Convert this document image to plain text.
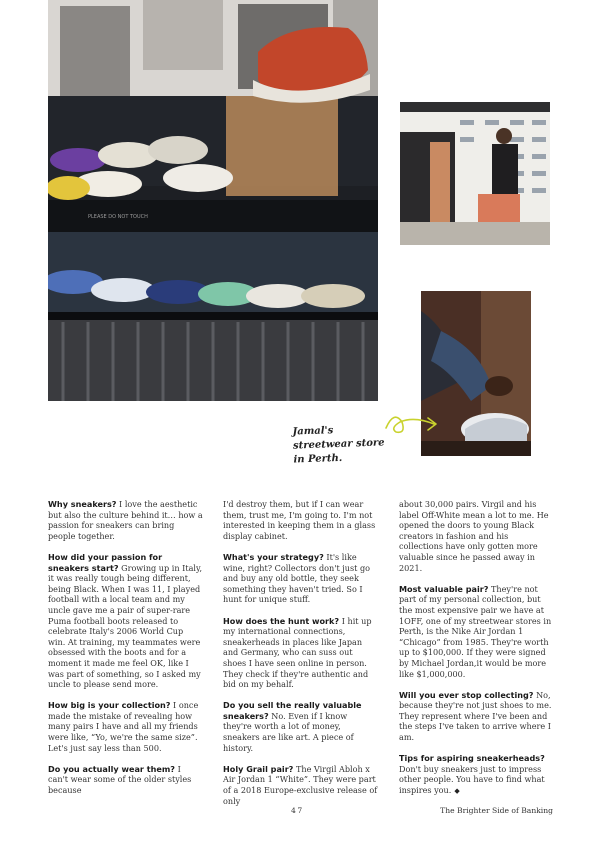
PLEASE DO NOT TOUCH
Jamal's
streetwear store
in Perth.

Why sneakers? I love the aesthetic but also the culture behind it… how a passion for sneakers can bring people together.

How did your passion for sneakers start? Growing up in Italy, it was really tough being different, being Black. When I was 11, I played football with a local team and my uncle gave me a pair of super-rare Puma football boots released to celebrate Italy's 2006 World Cup win. At training, my teammates were obsessed with the boots and for a moment it made me feel OK, like I was part of something, so I asked my uncle to please send more.

How big is your collection? I once made the mistake of revealing how many pairs I have and all my friends were like, “Yo, we're the same size”. Let's just say less than 500.

Do you actually wear them? I can't wear some of the older styles because

I'd destroy them, but if I can wear them, trust me, I'm going to. I'm not interested in keeping them in a glass display cabinet.

What's your strategy? It's like wine, right? Collectors don't just go and buy any old bottle, they seek something they haven't tried. So I hunt for unique stuff.

How does the hunt work? I hit up my international connections, sneakerheads in places like Japan and Germany, who can suss out shoes I have seen online in person. They check if they're authentic and bid on my behalf.

Do you sell the really valuable sneakers? No. Even if I know they're worth a lot of money, sneakers are like art. A piece of history.

Holy Grail pair? The Virgil Abloh x Air Jordan 1 “White”. They were part of a 2018 Europe-exclusive release of only

about 30,000 pairs. Virgil and his label Off-White mean a lot to me. He opened the doors to young Black creators in fashion and his collections have only gotten more valuable since he passed away in 2021.

Most valuable pair? They're not part of my personal collection, but the most expensive pair we have at 1OFF, one of my streetwear stores in Perth, is the Nike Air Jordan 1 “Chicago” from 1985. They're worth up to $100,000. If they were signed by Michael Jordan,it would be more like $1,000,000.

Will you ever stop collecting? No, because they're not just shoes to me. They represent where I've been and the steps I've taken to arrive where I am.

Tips for aspiring sneakerheads? Don't buy sneakers just to impress other people. You have to find what inspires you. ◆

47	The Brighter Side of Banking
